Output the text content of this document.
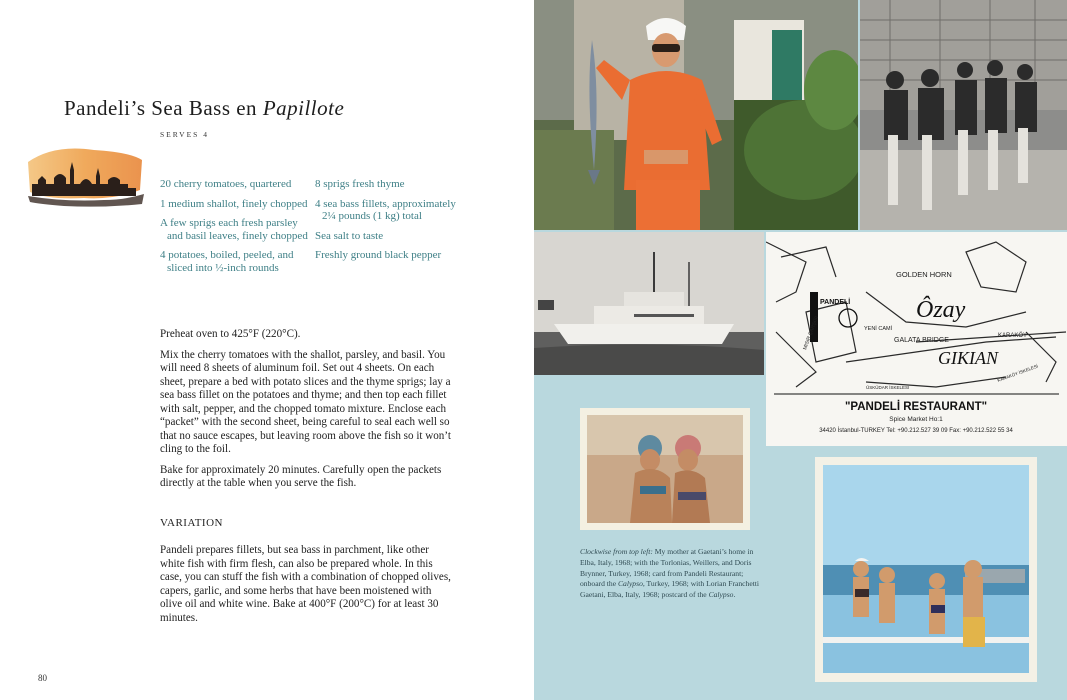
Pandeli’s Sea Bass en Papillote
SERVES 4
20 cherry tomatoes, quartered
1 medium shallot, finely chopped
A few sprigs each fresh parsley and basil leaves, finely chopped
4 potatoes, boiled, peeled, and sliced into ½-inch rounds
8 sprigs fresh thyme
4 sea bass fillets, approximately 2¼ pounds (1 kg) total
Sea salt to taste
Freshly ground black pepper

Preheat oven to 425°F (220°C).

Mix the cherry tomatoes with the shallot, parsley, and basil. You will need 8 sheets of aluminum foil. Set out 4 sheets. On each sheet, prepare a bed with potato slices and the thyme sprigs; lay a sea bass fillet on the potatoes and thyme; and then top each fillet with salt, pepper, and the chopped tomato mixture. Enclose each “packet” with the second sheet, being careful to seal each well so that no sauce escapes, but leaving room above the fish so it won’t cling to the foil.

Bake for approximately 20 minutes. Carefully open the packets directly at the table when you serve the fish.

VARIATION

Pandeli prepares fillets, but sea bass in parchment, like other white fish with firm flesh, can also be prepared whole. In this case, you can stuff the fish with a combination of chopped olives, capers, garlic, and some herbs that have been moistened with olive oil and white wine. Bake at 400°F (200°C) for at least 30 minutes.

80
GOLDEN HORN
PANDELİ
MISIR ÇARŞISI	YENİ CAMİ
GALATA BRIDGE
KARAKÖY
KARAKÖY İSKELESİ
ÜSKÜDAR İSKELESİ
Ôzay
GIKIAN
"PANDELİ RESTAURANT"
Spice Market Ho:1
34420 İstanbul-TURKEY Tel: +90.212.527 39 09 Fax: +90.212.522 55 34
Clockwise from top left: My mother at Gaetani’s home in Elba, Italy, 1968; with the Torlonias, Weillers, and Doris Brynner, Turkey, 1968; card from Pandeli Restaurant; onboard the Calypso, Turkey, 1968; with Lorian Franchetti Gaetani, Elba, Italy, 1968; postcard of the Calypso.
